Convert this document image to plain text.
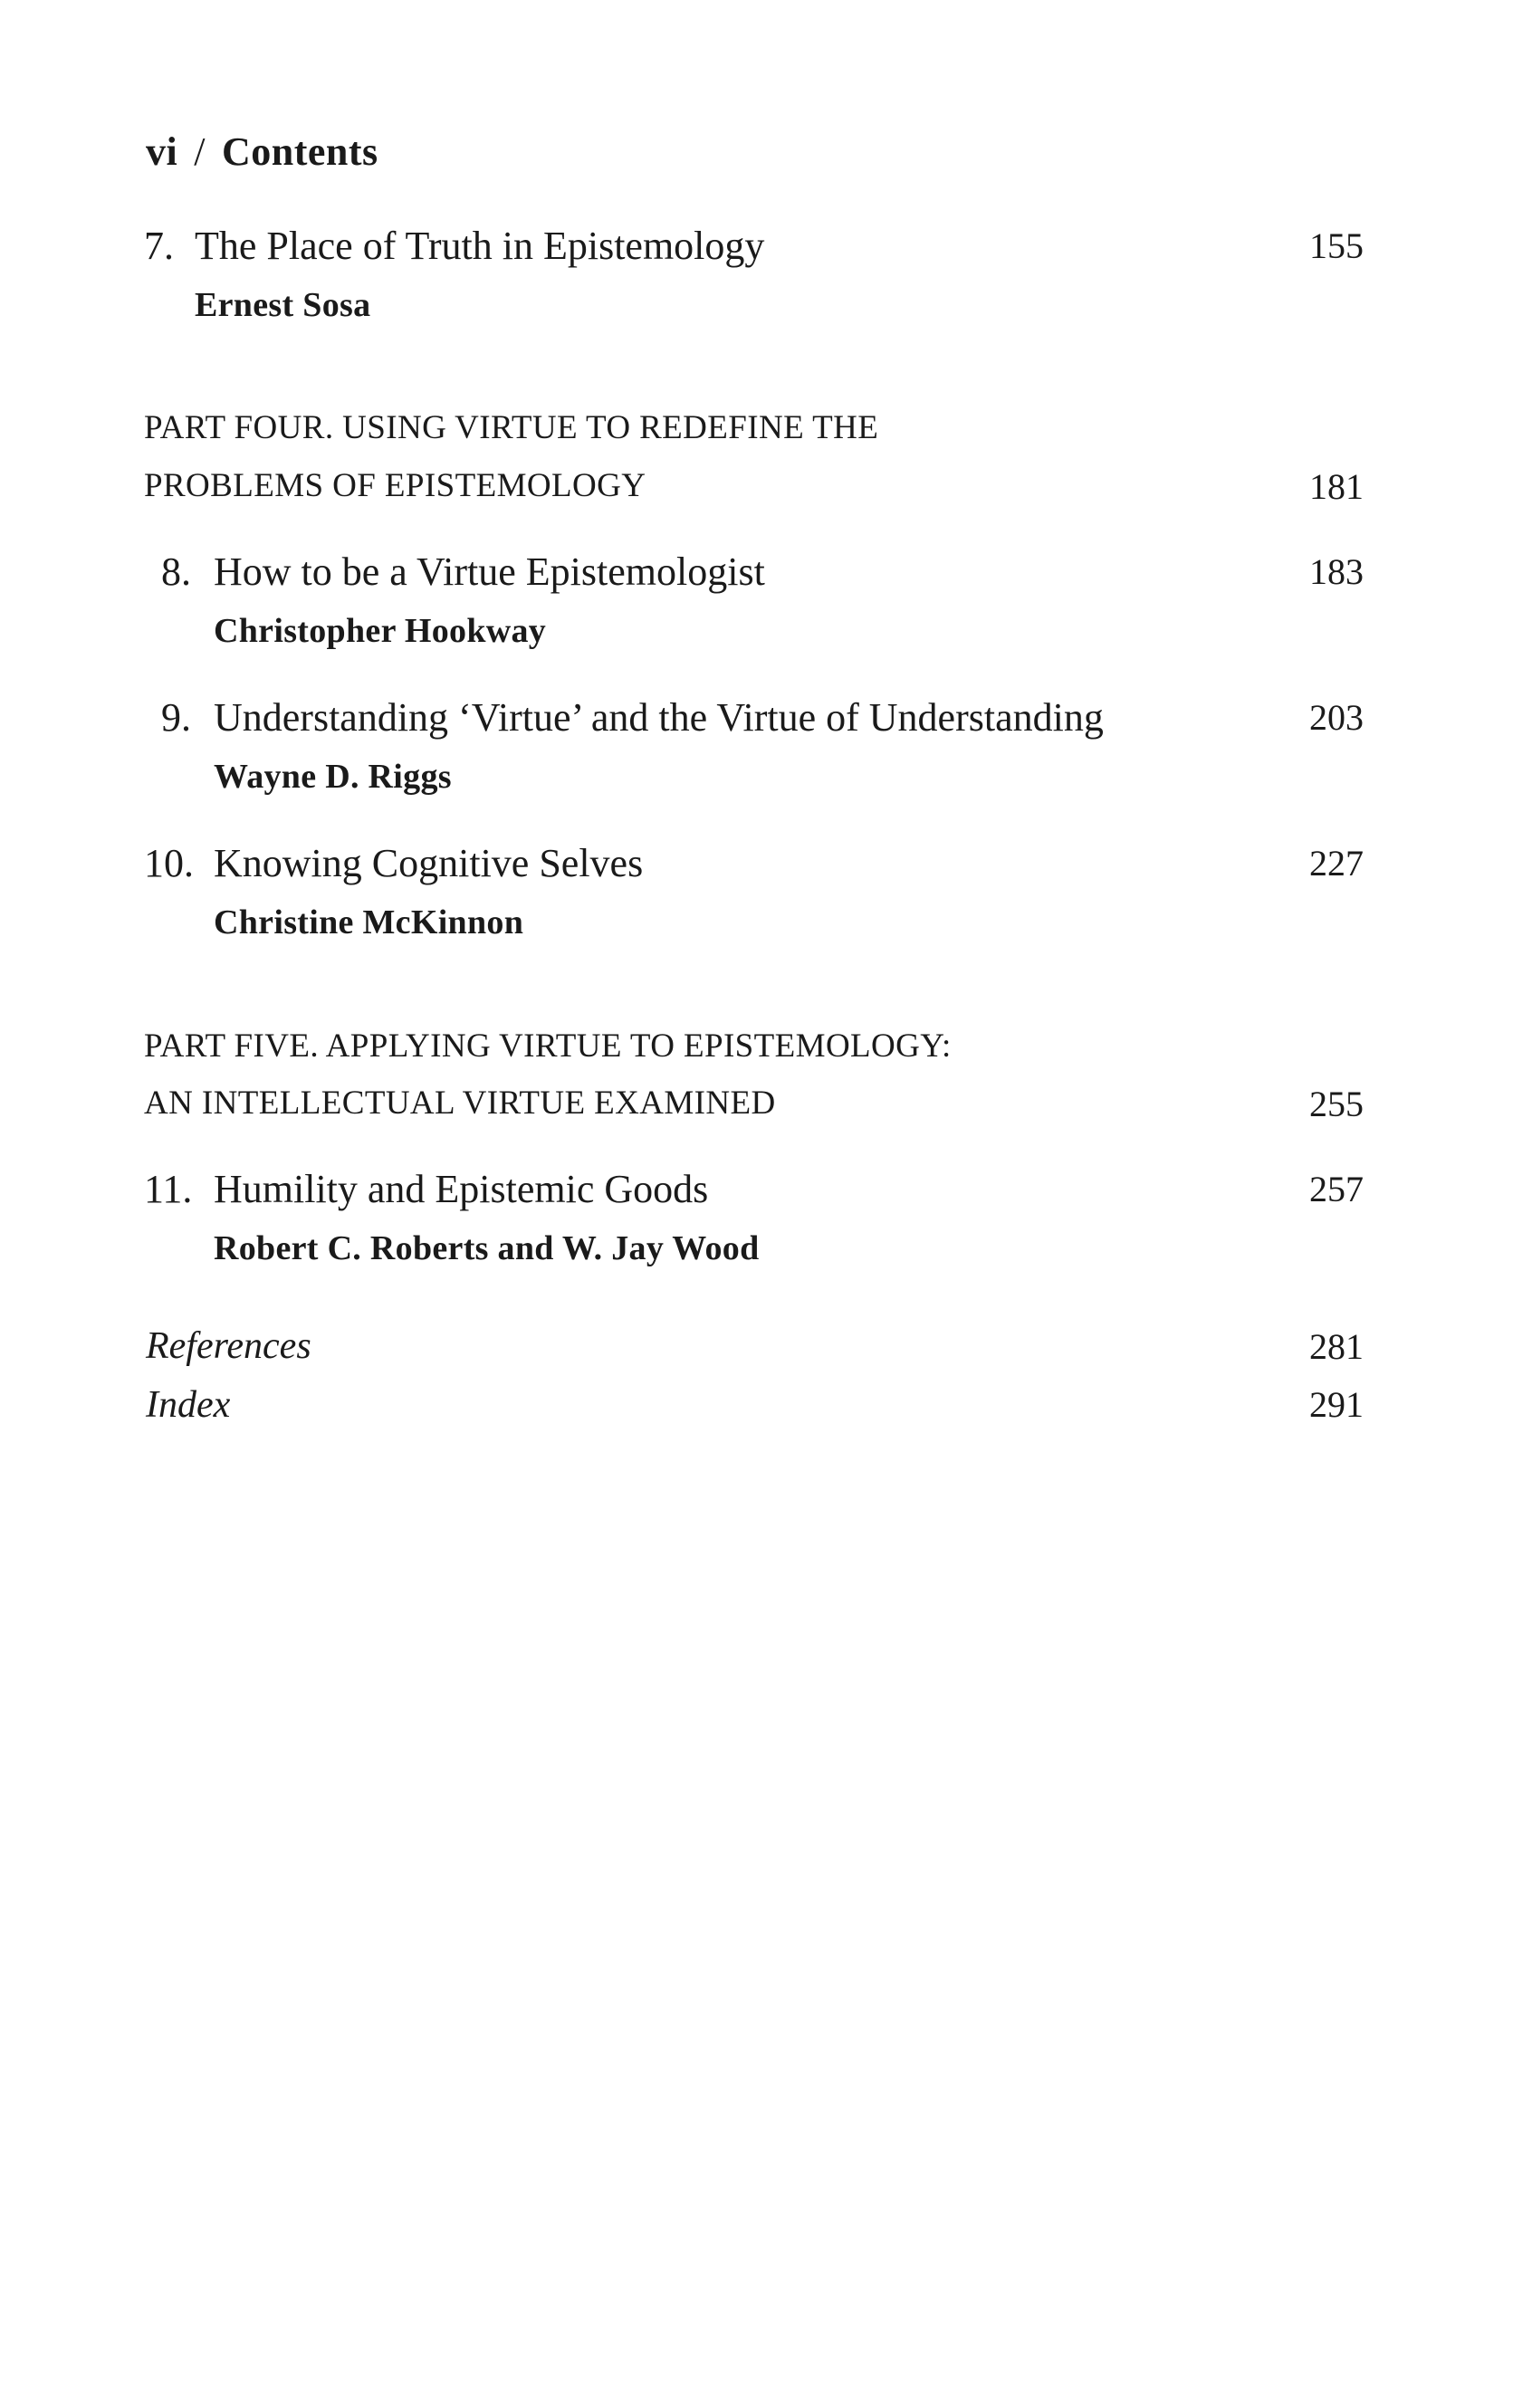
vi / Contents
7. The Place of Truth in Epistemology	155
Ernest Sosa
PART FOUR. USING VIRTUE TO REDEFINE THE
PROBLEMS OF EPISTEMOLOGY	181
8. How to be a Virtue Epistemologist	183
Christopher Hookway
9. Understanding ‘Virtue’ and the Virtue of Understanding	203
Wayne D. Riggs
10. Knowing Cognitive Selves	227
Christine McKinnon
PART FIVE. APPLYING VIRTUE TO EPISTEMOLOGY:
AN INTELLECTUAL VIRTUE EXAMINED	255
11. Humility and Epistemic Goods	257
Robert C. Roberts and W. Jay Wood
References	281
Index	291
